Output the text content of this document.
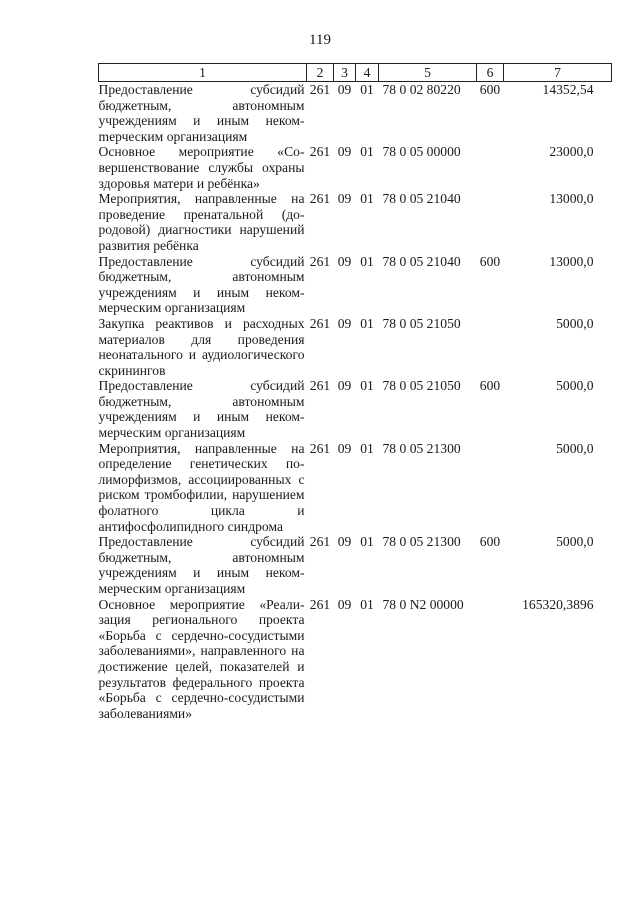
119
1	2	3	4	5	6	7
Предоставление субсидий бюджетным, автономным учреждениям и иным некомmерческим организациям	261	09	01	78 0 02 80220	600	14352,54
Основное мероприятие «Совершенствование службы охраны здоровья матери и ребёнка»	261	09	01	78 0 05 00000		23000,0
Мероприятия, направленные на проведение пренатальной (дородовой) диагностики нарушений развития ребёнка	261	09	01	78 0 05 21040		13000,0
Предоставление субсидий бюджетным, автономным учреждениям и иным некоммерческим организациям	261	09	01	78 0 05 21040	600	13000,0
Закупка реактивов и расходных материалов для проведения неонатального и аудиологического скринингов	261	09	01	78 0 05 21050		5000,0
Предоставление субсидий бюджетным, автономным учреждениям и иным некоммерческим организациям	261	09	01	78 0 05 21050	600	5000,0
Мероприятия, направленные на определение генетических полиморфизмов, ассоциированных с риском тромбофилии, нарушением фолатного цикла и антифосфолипидного синдрома	261	09	01	78 0 05 21300		5000,0
Предоставление субсидий бюджетным, автономным учреждениям и иным некоммерческим организациям	261	09	01	78 0 05 21300	600	5000,0
Основное мероприятие «Реализация регионального проекта «Борьба с сердечно-сосудистыми заболеваниями», направленного на достижение целей, показателей и результатов федерального проекта «Борьба с сердечно-сосудистыми заболеваниями»	261	09	01	78 0 N2 00000		165320,3896
